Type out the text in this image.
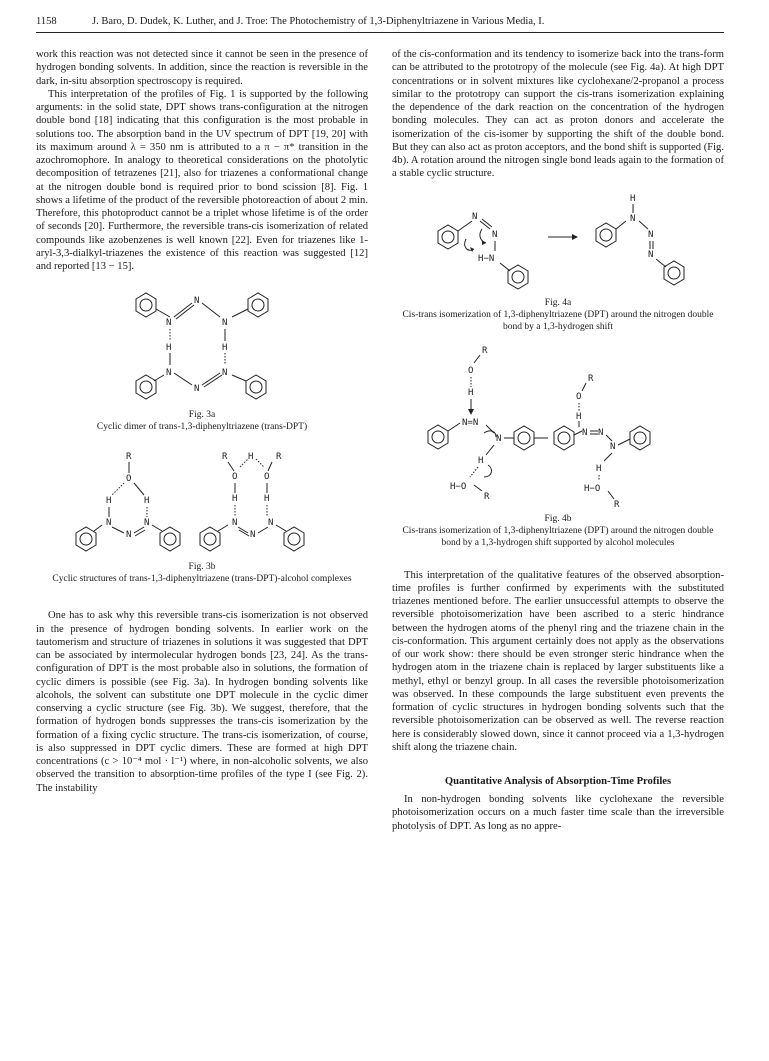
1158	J. Baro, D. Dudek, K. Luther, and J. Troe: The Photochemistry of 1,3-Diphenyltriazene in Various Media, I.

work this reaction was not detected since it cannot be seen in the presence of hydrogen bonding solvents. In addition, since the reaction is reversible in the dark, in-situ absorption spectroscopy is required.

This interpretation of the profiles of Fig. 1 is supported by the following arguments: in the solid state, DPT shows trans-configuration at the nitrogen double bond [18] indicating that this configuration is the most probable in solutions too. The absorption band in the UV spectrum of DPT [19, 20] with its maximum around λ = 350 nm is attributed to a π − π* transition in the azochromophore. In analogy to theoretical considerations on the photolytic decomposition of tetrazenes [21], also for triazenes a conformational change at the nitrogen double bond is required prior to bond scission [8]. Fig. 1 shows a lifetime of the product of the reversible photoreaction of about 2 min. Therefore, this photoproduct cannot be a triplet whose lifetime is of the order of seconds [20]. Furthermore, the reversible trans-cis isomerization of related compounds like azobenzenes is well known [22]. Even for triazenes like 1-aryl-3,3-dialkyl-triazenes the existence of this reaction was suggested [12] and reported [13 − 15].

N
N
N
H	H
N	N
N
Fig. 3a
Cyclic dimer of trans-1,3-diphenyltriazene (trans-DPT)
R
O
H	H
N
N
N
R H	R
O	O
H	H
N
N
N
Fig. 3b
Cyclic structures of trans-1,3-diphenyltriazene (trans-DPT)-alcohol complexes

One has to ask why this reversible trans-cis isomerization is not observed in the presence of hydrogen bonding solvents. In earlier work on the tautomerism and structure of triazenes in solutions it was suggested that DPT can be associated by intermolecular hydrogen bonds [23, 24]. As the trans-configuration of DPT is the most probable also in solutions, the formation of cyclic dimers is possible (see Fig. 3a). In hydrogen bonding solvents like alcohols, the solvent can substitute one DPT molecule in the cyclic dimer conserving a cyclic structure (see Fig. 3b). We suggest, therefore, that the formation of hydrogen bonds suppresses the trans-cis isomerization by the formation of a fixing cyclic structure. The trans-cis isomerization, of course, is also suppressed in DPT cyclic dimers. These are formed at high DPT concentrations (c > 10⁻⁴ mol · l⁻¹) where, in non-alcoholic solvents, we also observed the transition to absorption-time profiles of the type I (see Fig. 2). The instability

of the cis-conformation and its tendency to isomerize back into the trans-form can be attributed to the prototropy of the molecule (see Fig. 4a). At high DPT concentrations or in solvent mixtures like cyclohexane/2-propanol a process similar to the prototropy can support the cis-trans isomerization explaining the dependence of the dark reaction on the concentration of the hydrogen bonding molecules. They can act as proton donors and accelerate the isomerization of the cis-isomer by supporting the shift of the double bond. But they can also act as proton acceptors, and the bond shift is supported (Fig. 4b). A rotation around the nitrogen single bond leads again to the formation of a stable cyclic structure.

N
N
H−N
H
N
N
N
Fig. 4a
Cis-trans isomerization of 1,3-diphenyltriazene (DPT) around the nitrogen double bond by a 1,3-hydrogen shift
R
O
H
N=N
N
H
H−O
R
R
O
H
N N
N
H
H−O
R
Fig. 4b
Cis-trans isomerization of 1,3-diphenyltriazene (DPT) around the nitrogen double bond by a 1,3-hydrogen shift supported by alcohol molecules

This interpretation of the qualitative features of the observed absorption-time profiles is further confirmed by experiments with the substituted triazenes mentioned before. The earlier unsuccessful attempts to observe the reversible photoisomerization have been ascribed to a steric hindrance between the hydrogen atoms of the phenyl ring and the triazene chain in the cis-conformation. This argument certainly does not apply as the observations of our work show: there should be even stronger steric hindrance when the hydrogen atom in the triazene chain is replaced by larger substituents like a methyl, ethyl or benzyl group. In all cases the reversible photoisomerization was observed. In these compounds the large substituent even prevents the formation of cyclic structures in hydrogen bonding solvents such that the reversible photoisomerization can be observed as well. The reverse reaction here is considerably slowed down, since it cannot proceed via a 1,3-hydrogen shift along the triazene chain.

Quantitative Analysis of Absorption-Time Profiles

In non-hydrogen bonding solvents like cyclohexane the reversible photoisomerization occurs on a much faster time scale than the irreversible photolysis of DPT. As long as no appre-
